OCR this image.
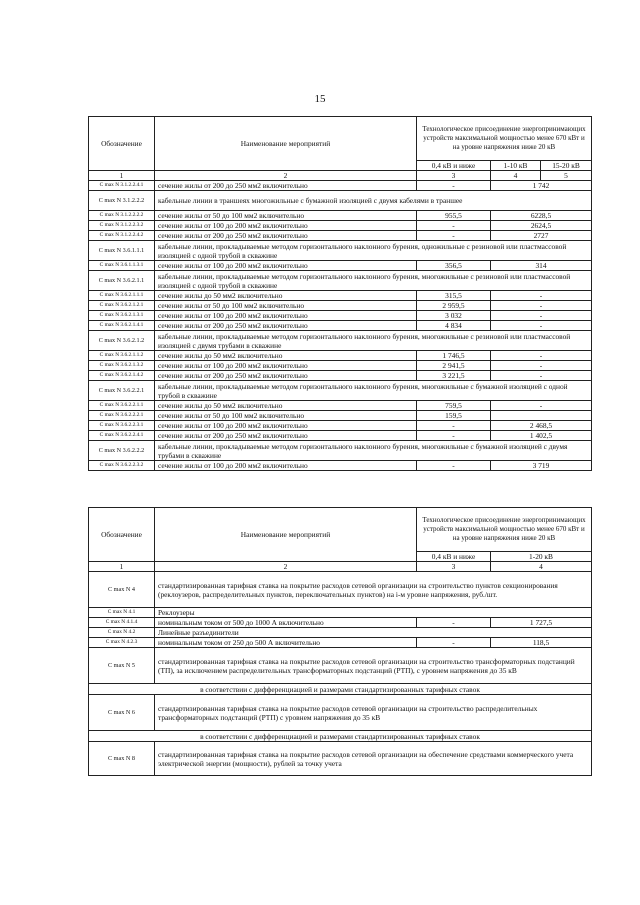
15
Обозначение	Наименование мероприятий	Технологическое присоединение энергопринимающих устройств максимальной мощностью менее 670 кВт и на уровне напряжения ниже 20 кВ		
		0,4 кВ и ниже	1-10 кВ	15-20 кВ
1	2	3	4	5
С max N 3.1.2.2.4.1	сечение жилы от 200 до 250 мм2 включительно	-	1 742	
С max N 3.1.2.2.2	кабельные линии в траншеях многожильные с бумажной изоляцией с двумя кабелями в траншее			
С max N 3.1.2.2.2.2	сечение жилы от 50 до 100 мм2 включительно	955,5	6228,5	
С max N 3.1.2.2.3.2	сечение жилы от 100 до 200 мм2 включительно	-	2624,5	
С max N 3.1.2.2.4.2	сечение жилы от 200 до 250 мм2 включительно	-	2727	
С max N 3.6.1.1.1	кабельные линии, прокладываемые методом горизонтального наклонного бурения, одножильные с резиновой или пластмассовой изоляцией с одной трубой в скважине			
С max N 3.6.1.1.3.1	сечение жилы от 100 до 200 мм2 включительно	356,5	314	
С max N 3.6.2.1.1	кабельные линии, прокладываемые методом горизонтального наклонного бурения, многожильные с резиновой или пластмассовой изоляцией с одной трубой в скважине			
С max N 3.6.2.1.1.1	сечение жилы до 50 мм2 включительно	315,5	-	
С max N 3.6.2.1.2.1	сечение жилы от 50 до 100 мм2 включительно	2 959,5	-	
С max N 3.6.2.1.3.1	сечение жилы от 100 до 200 мм2 включительно	3 032	-	
С max N 3.6.2.1.4.1	сечение жилы от 200 до 250 мм2 включительно	4 834	-	
С max N 3.6.2.1.2	кабельные линии, прокладываемые методом горизонтального наклонного бурения, многожильные с резиновой или пластмассовой изоляцией с двумя трубами в скважине			
С max N 3.6.2.1.1.2	сечение жилы до 50 мм2 включительно	1 746,5	-	
С max N 3.6.2.1.3.2	сечение жилы от 100 до 200 мм2 включительно	2 941,5	-	
С max N 3.6.2.1.4.2	сечение жилы от 200 до 250 мм2 включительно	3 221,5	-	
С max N 3.6.2.2.1	кабельные линии, прокладываемые методом горизонтального наклонного бурения, многожильные с бумажной изоляцией с одной трубой в скважине			
С max N 3.6.2.2.1.1	сечение жилы до 50 мм2 включительно	759,5	-	
С max N 3.6.2.2.2.1	сечение жилы от 50 до 100 мм2 включительно	159,5		
С max N 3.6.2.2.3.1	сечение жилы от 100 до 200 мм2 включительно	-	2 468,5	
С max N 3.6.2.2.4.1	сечение жилы от 200 до 250 мм2 включительно	-	1 402,5	
С max N 3.6.2.2.2	кабельные линии, прокладываемые методом горизонтального наклонного бурения, многожильные с бумажной изоляцией с двумя трубами в скважине			
С max N 3.6.2.2.3.2	сечение жилы от 100 до 200 мм2 включительно	-	3 719	
Обозначение	Наименование мероприятий	Технологическое присоединение энергопринимающих устройств максимальной мощностью менее 670 кВт и на уровне напряжения ниже 20 кВ	
		0,4 кВ и ниже	1-20 кВ
1	2	3	4
С max N 4	стандартизированная тарифная ставка на покрытие расходов сетевой организации на строительство пунктов секционирования (реклоузеров, распределительных пунктов, переключательных пунктов) на i-м уровне напряжения, руб./шт.		
С max N 4.1	Реклоузеры		
С max N 4.1.4	номинальным током от 500 до 1000 А включительно	-	1 727,5
С max N 4.2	Линейные разъединители		
С max N 4.2.3	номинальным током от 250 до 500 А включительно	-	118,5
С max N 5	стандартизированная тарифная ставка на покрытие расходов сетевой организации на строительство трансформаторных подстанций (ТП), за исключением распределительных трансформаторных подстанций (РТП), с уровнем напряжения до 35 кВ		
в соответствии с дифференциацией и размерами стандартизированных тарифных ставок			
С max N 6	стандартизированная тарифная ставка на покрытие расходов сетевой организации на строительство распределительных трансформаторных подстанций (РТП) с уровнем напряжения до 35 кВ		
в соответствии с дифференциацией и размерами стандартизированных тарифных ставок			
С max N 8	стандартизированная тарифная ставка на покрытие расходов сетевой организации на обеспечение средствами коммерческого учета электрической энергии (мощности), рублей за точку учета		
